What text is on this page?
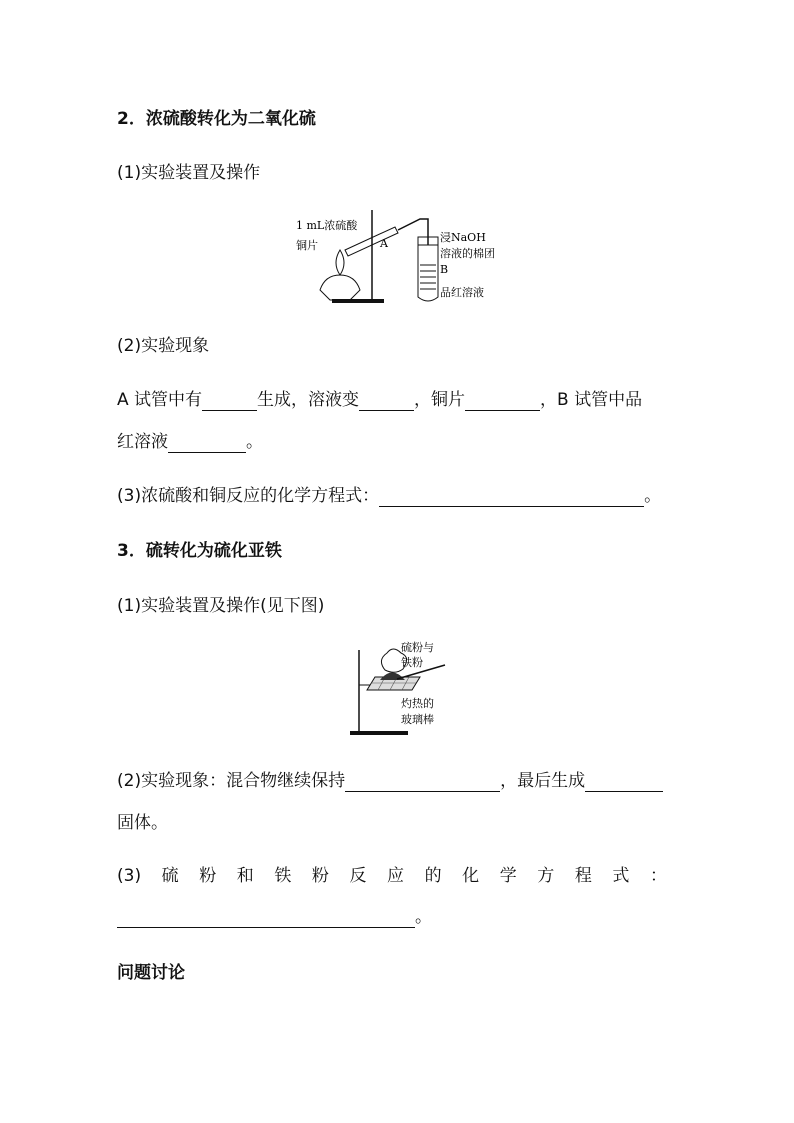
2．浓硫酸转化为二氧化硫
(1)实验装置及操作
1 mL浓硫酸
铜片	A	浸NaOH
溶液的棉团
B
品红溶液
(2)实验现象
A 试管中有	生成，溶液变	，铜片	，B 试管中品
红溶液	。
(3)浓硫酸和铜反应的化学方程式：	。
3．硫转化为硫化亚铁
(1)实验装置及操作(见下图)
硫粉与
铁粉
灼热的
玻璃棒
(2)实验现象：混合物继续保持	，最后生成
固体。
(3) 硫 粉 和 铁 粉 反 应 的 化 学 方 程 式 ：
。
问题讨论
